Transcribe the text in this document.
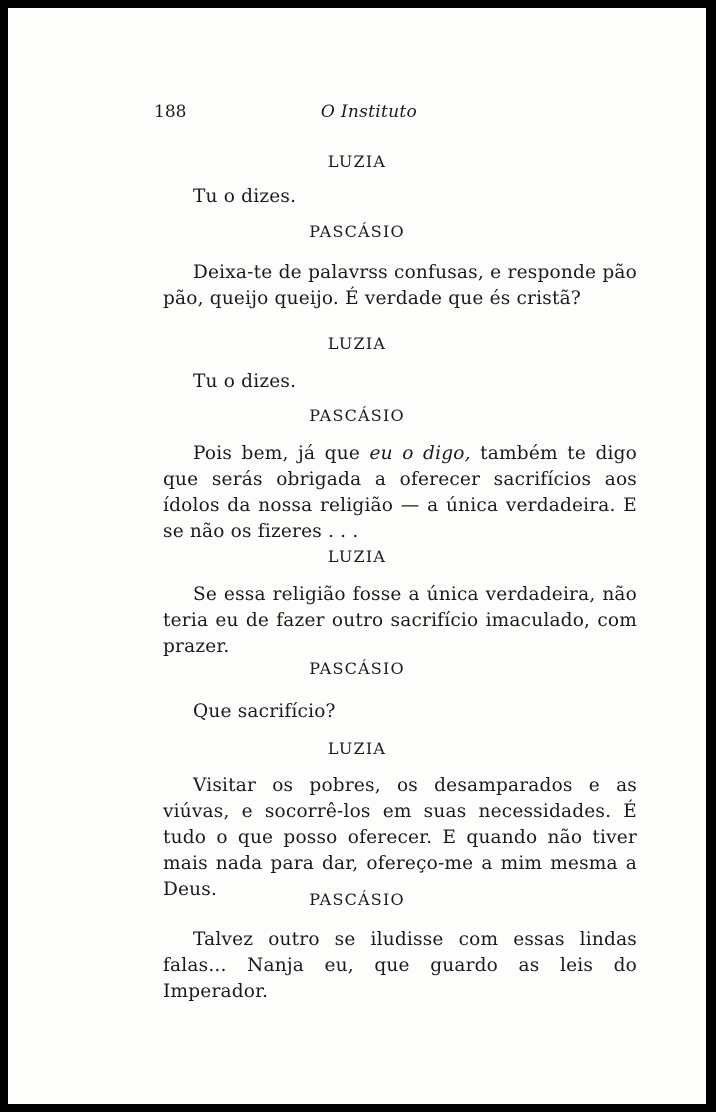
188	O Instituto
LUZIA
Tu o dizes.
PASCÁSIO
Deixa-te de palavrss confusas, e responde pão pão, queijo queijo. É verdade que és cristã?
LUZIA
Tu o dizes.
PASCÁSIO
Pois bem, já que eu o digo, também te digo que serás obrigada a oferecer sacrifícios aos ídolos da nossa religião — a única verdadeira. E se não os fizeres . . .
LUZIA
Se essa religião fosse a única verdadeira, não teria eu de fazer outro sacrifício imaculado, com prazer.
PASCÁSIO
Que sacrifício?
LUZIA
Visitar os pobres, os desamparados e as viúvas, e socorrê-los em suas necessidades. É tudo o que posso oferecer. E quando não tiver mais nada para dar, ofereço-me a mim mesma a Deus.	PASCÁSIO
Talvez outro se iludisse com essas lindas falas... Nanja eu, que guardo as leis do Imperador.
